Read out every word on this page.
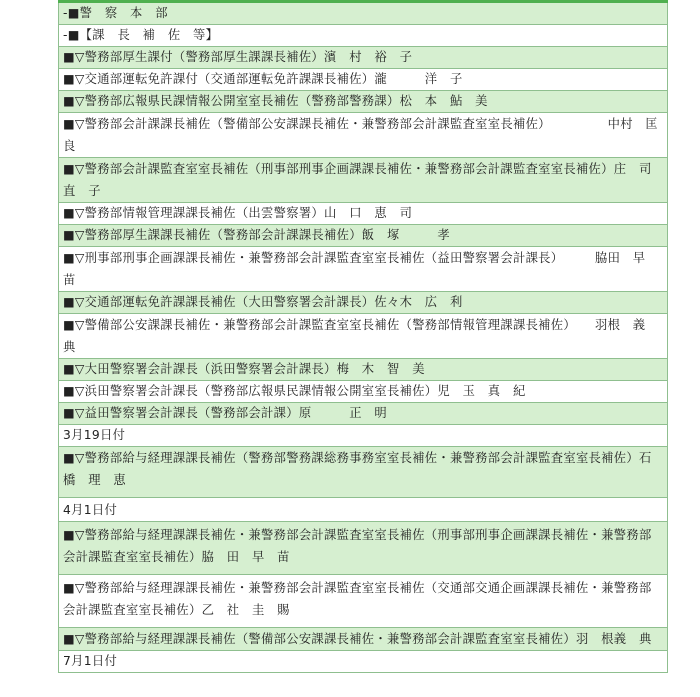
-■警　察　本　部
-■【課　長　補　佐　等】
■▽警務部厚生課付（警務部厚生課課長補佐）濱　村　裕　子
■▽交通部運転免許課付（交通部運転免許課課長補佐）瀧　　　洋　子
■▽警務部広報県民課情報公開室室長補佐（警務部警務課）松　本　鮎　美
■▽警務部会計課課長補佐（警備部公安課課長補佐・兼警務部会計課監査室室長補佐）　　　　　中村　匡　良
■▽警務部会計課監査室室長補佐（刑事部刑事企画課課長補佐・兼警務部会計課監査室室長補佐）庄　司　直　子
■▽警務部情報管理課課長補佐（出雲警察署）山　口　恵　司
■▽警務部厚生課課長補佐（警務部会計課課長補佐）飯　塚　　　孝
■▽刑事部刑事企画課課長補佐・兼警務部会計課監査室室長補佐（益田警察署会計課長）　　　脇田　早　苗
■▽交通部運転免許課課長補佐（大田警察署会計課長）佐々木　広　利
■▽警備部公安課課長補佐・兼警務部会計課監査室室長補佐（警務部情報管理課課長補佐）　　羽根　義　典
■▽大田警察署会計課長（浜田警察署会計課長）梅　木　智　美
■▽浜田警察署会計課長（警務部広報県民課情報公開室室長補佐）児　玉　真　紀
■▽益田警察署会計課長（警務部会計課）原　　　正　明
3月19日付
■▽警務部給与経理課課長補佐（警務部警務課総務事務室室長補佐・兼警務部会計課監査室室長補佐）石　橋　理　恵
4月1日付
■▽警務部給与経理課課長補佐・兼警務部会計課監査室室長補佐（刑事部刑事企画課課長補佐・兼警務部会計課監査室室長補佐）脇　田　早　苗
■▽警務部給与経理課課長補佐・兼警務部会計課監査室室長補佐（交通部交通企画課課長補佐・兼警務部会計課監査室室長補佐）乙　社　圭　賜
■▽警務部給与経理課課長補佐（警備部公安課課長補佐・兼警務部会計課監査室室長補佐）羽　根義　典
7月1日付
